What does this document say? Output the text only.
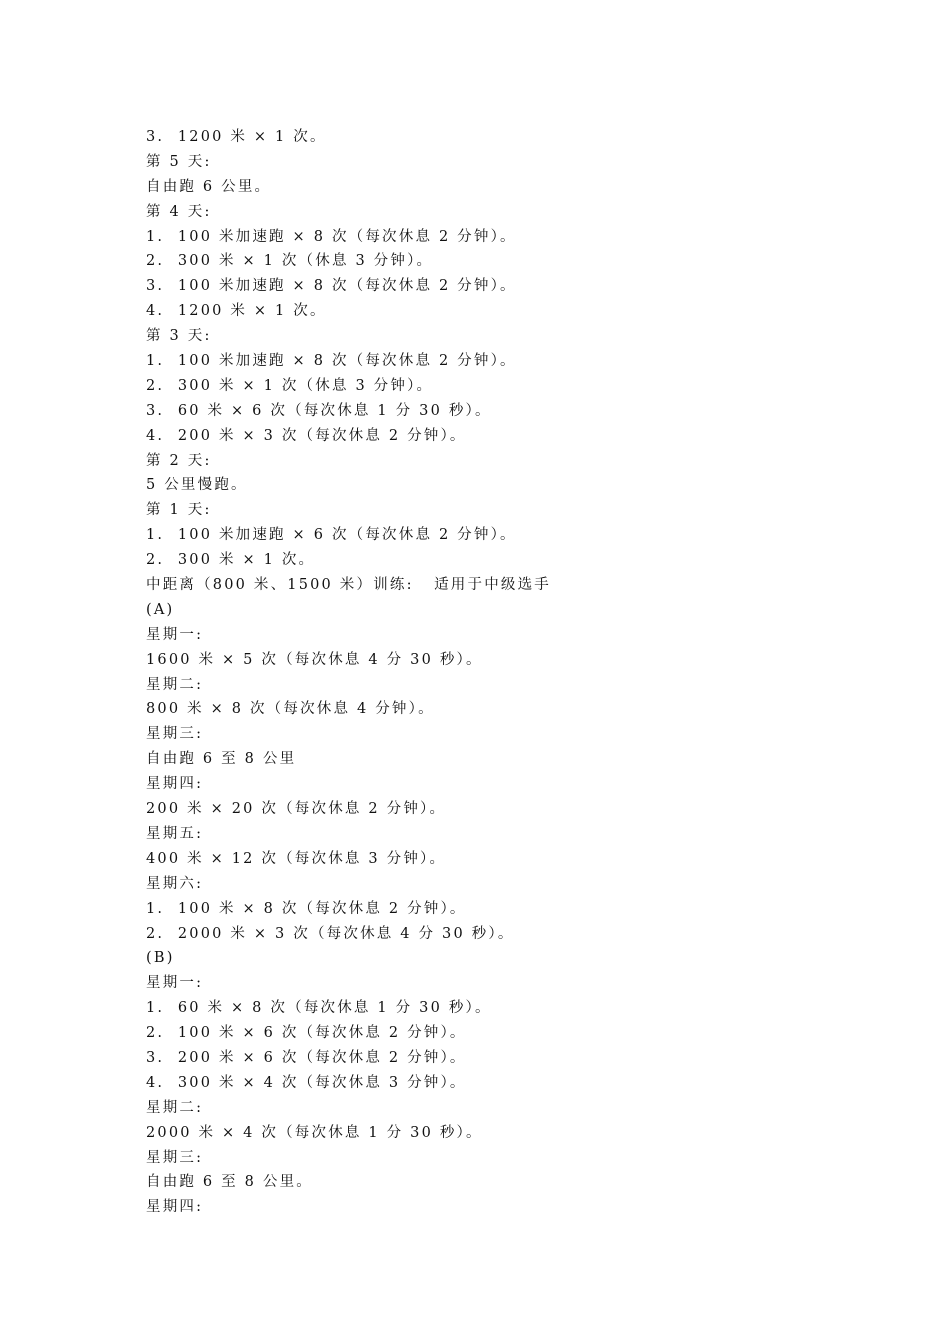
3.  1200 米 × 1 次。
第 5 天:
自由跑 6 公里。
第 4 天:
1.  100 米加速跑 × 8 次（每次休息 2 分钟）。
2.  300 米 × 1 次（休息 3 分钟）。
3.  100 米加速跑 × 8 次（每次休息 2 分钟）。
4.  1200 米 × 1 次。
第 3 天:
1.  100 米加速跑 × 8 次（每次休息 2 分钟）。
2.  300 米 × 1 次（休息 3 分钟）。
3.  60 米 × 6 次（每次休息 1 分 30 秒）。
4.  200 米 × 3 次（每次休息 2 分钟）。
第 2 天:
5 公里慢跑。
第 1 天:
1.  100 米加速跑 × 6 次（每次休息 2 分钟）。
2.  300 米 × 1 次。
中距离（800 米、1500 米）训练:   适用于中级选手
(A)
星期一:
1600 米 × 5 次（每次休息 4 分 30 秒）。
星期二:
800 米 × 8 次（每次休息 4 分钟）。
星期三:
自由跑 6 至 8 公里
星期四:
200 米 × 20 次（每次休息 2 分钟）。
星期五:
400 米 × 12 次（每次休息 3 分钟）。
星期六:
1.  100 米 × 8 次（每次休息 2 分钟）。
2.  2000 米 × 3 次（每次休息 4 分 30 秒）。
(B)
星期一:
1.  60 米 × 8 次（每次休息 1 分 30 秒）。
2.  100 米 × 6 次（每次休息 2 分钟）。
3.  200 米 × 6 次（每次休息 2 分钟）。
4.  300 米 × 4 次（每次休息 3 分钟）。
星期二:
2000 米 × 4 次（每次休息 1 分 30 秒）。
星期三:
自由跑 6 至 8 公里。
星期四:
